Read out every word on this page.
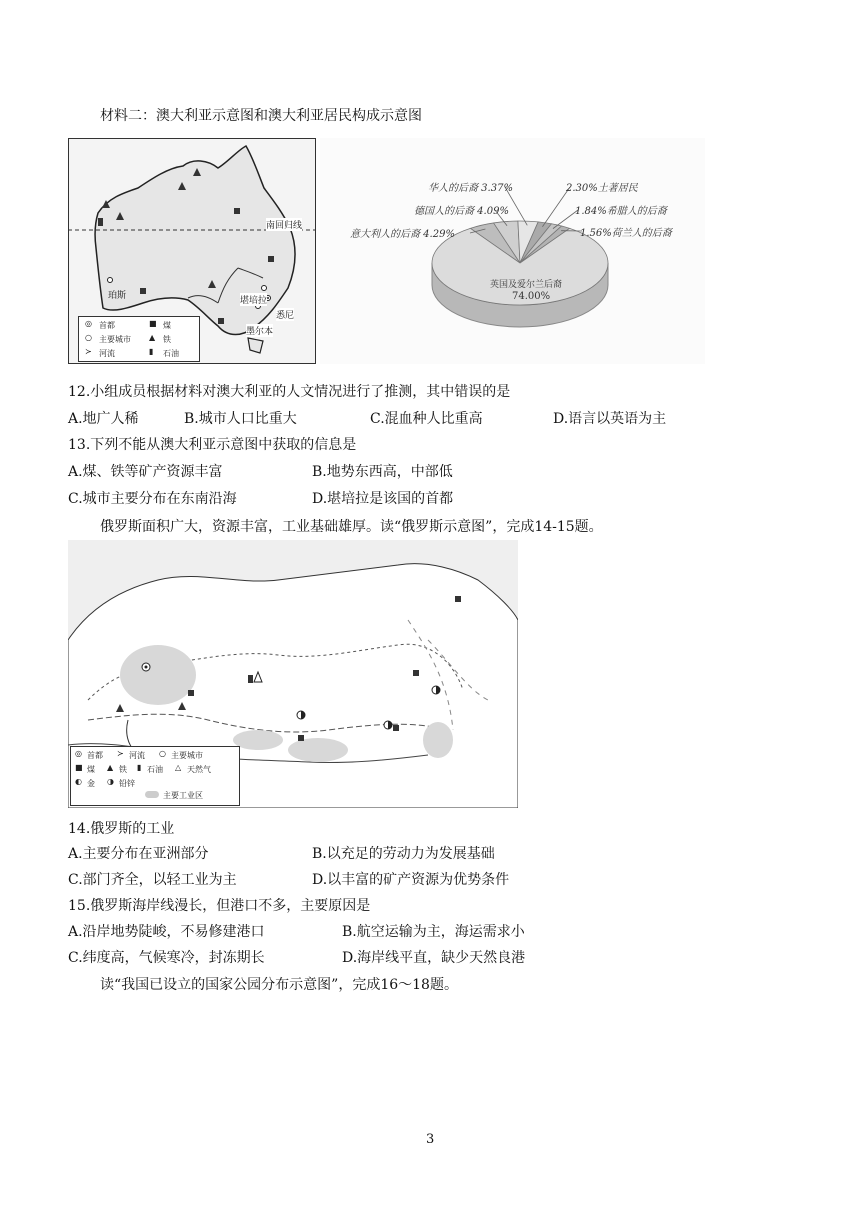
材料二：澳大利亚示意图和澳大利亚居民构成示意图
南回归线
珀斯	堪培拉
墨尔本
悉尼
◎ 首都	■ 煤
○ 主要城市 ▲ 铁
≻ 河流	▮ 石油
华人的后裔 3.37%	2.30%土著居民
德国人的后裔 4.09%	1.84%希腊人的后裔
意大利人的后裔 4.29%	1.56%荷兰人的后裔
英国及爱尔兰后裔
74.00%
12.小组成员根据材料对澳大利亚的人文情况进行了推测，其中错误的是
A.地广人稀	B.城市人口比重大	C.混血种人比重高	D.语言以英语为主
13.下列不能从澳大利亚示意图中获取的信息是
A.煤、铁等矿产资源丰富	B.地势东西高，中部低
C.城市主要分布在东南沿海	D.堪培拉是该国的首都
俄罗斯面积广大，资源丰富，工业基础雄厚。读“俄罗斯示意图”，完成14-15题。
◎ 首都 ≻ 河流 ○ 主要城市
■ 煤 ▲ 铁 ▮ 石油 △ 天然气
◐ 金 ◑ 铅锌
主要工业区
14.俄罗斯的工业
A.主要分布在亚洲部分	B.以充足的劳动力为发展基础
C.部门齐全，以轻工业为主	D.以丰富的矿产资源为优势条件
15.俄罗斯海岸线漫长，但港口不多，主要原因是
A.沿岸地势陡峻，不易修建港口	B.航空运输为主，海运需求小
C.纬度高，气候寒冷，封冻期长	D.海岸线平直，缺少天然良港
读“我国已设立的国家公园分布示意图”，完成16～18题。
3
